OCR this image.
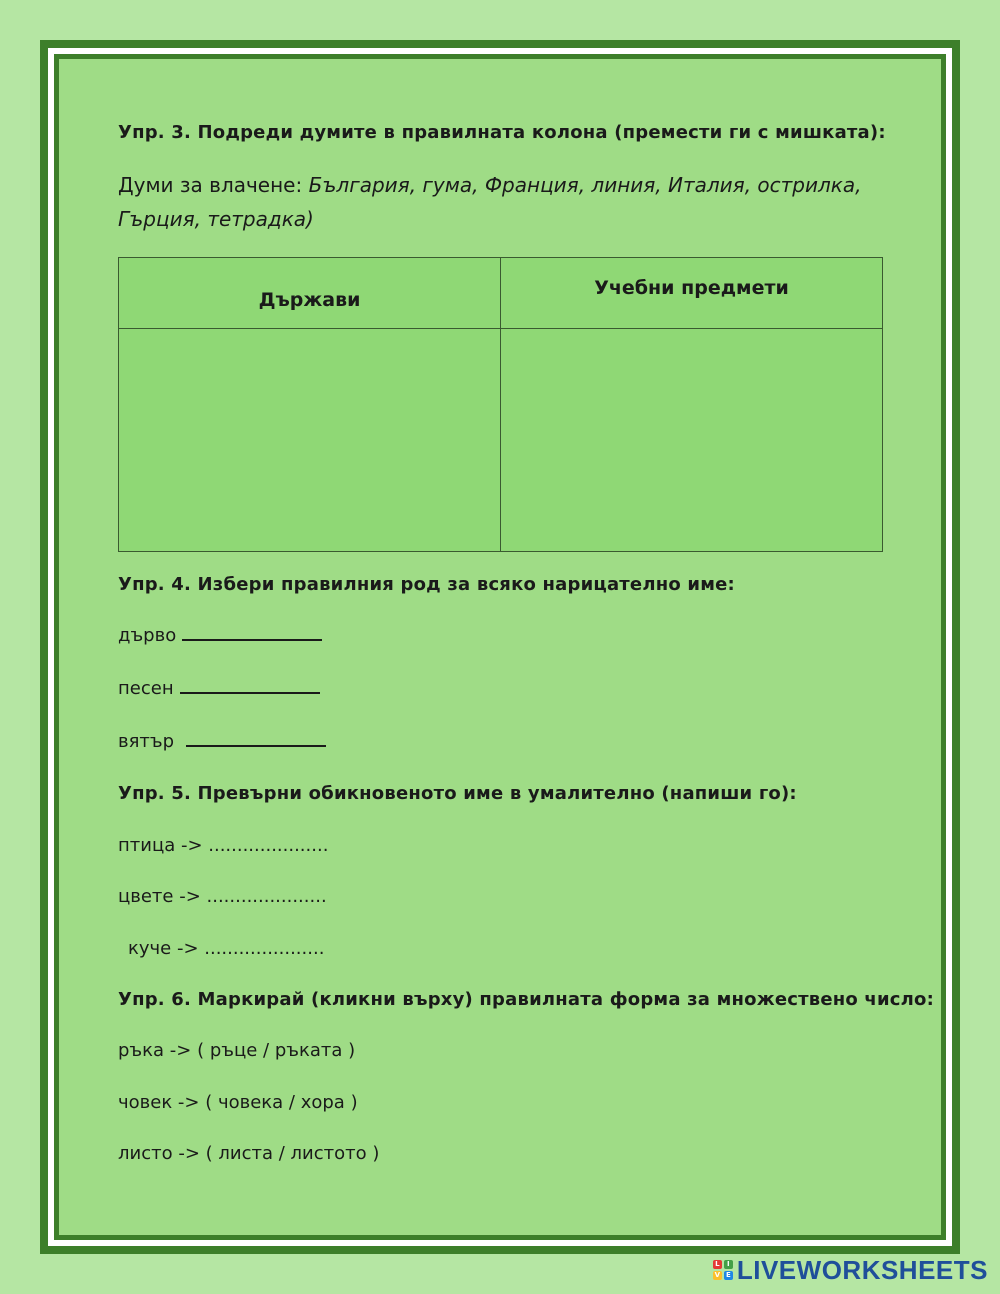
Упр. 3. Подреди думите в правилната колона (премести ги с мишката):
Думи за влачене: България, гума, Франция, линия, Италия, острилка,
Гърция, тетрадка)
Държави	Учебни предмети

Упр. 4. Избери правилния род за всяко нарицателно име:
дърво
песен
вятър
Упр. 5. Превърни обикновеното име в умалително (напиши го):
птица -> .....................
цвете -> .....................
куче -> .....................
Упр. 6. Маркирай (кликни върху) правилната форма за множествено число:
ръка -> ( ръце / ръката )
човек -> ( човека / хора )
листо -> ( листа / листото )
L	I
V E LIVEWORKSHEETS
